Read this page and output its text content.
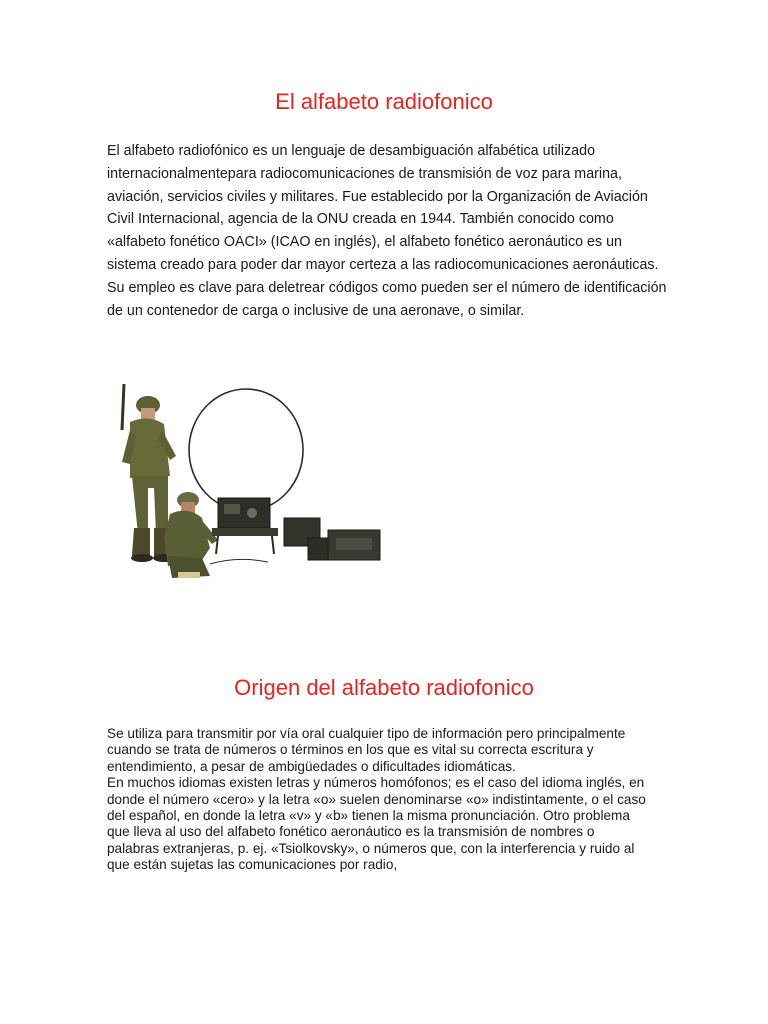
El alfabeto radiofonico

El alfabeto radiofónico es un lenguaje de desambiguación alfabética utilizado internacionalmentepara radiocomunicaciones de transmisión de voz para marina, aviación, servicios civiles y militares. Fue establecido por la Organización de Aviación Civil Internacional, agencia de la ONU creada en 1944. También conocido como «alfabeto fonético OACI» (ICAO en inglés), el alfabeto fonético aeronáutico es un sistema creado para poder dar mayor certeza a las radiocomunicaciones aeronáuticas.

Su empleo es clave para deletrear códigos como pueden ser el número de identificación de un contenedor de carga o inclusive de una aeronave, o similar.

Origen del alfabeto radiofonico

Se utiliza para transmitir por vía oral cualquier tipo de información pero principalmente cuando se trata de números o términos en los que es vital su correcta escritura y entendimiento, a pesar de ambigüedades o dificultades idiomáticas.

En muchos idiomas existen letras y números homófonos; es el caso del idioma inglés, en donde el número «cero» y la letra «o» suelen denominarse «o» indistintamente, o el caso del español, en donde la letra «v» y «b» tienen la misma pronunciación. Otro problema que lleva al uso del alfabeto fonético aeronáutico es la transmisión de nombres o palabras extranjeras, p. ej. «Tsiolkovsky», o números que, con la interferencia y ruido al que están sujetas las comunicaciones por radio,
